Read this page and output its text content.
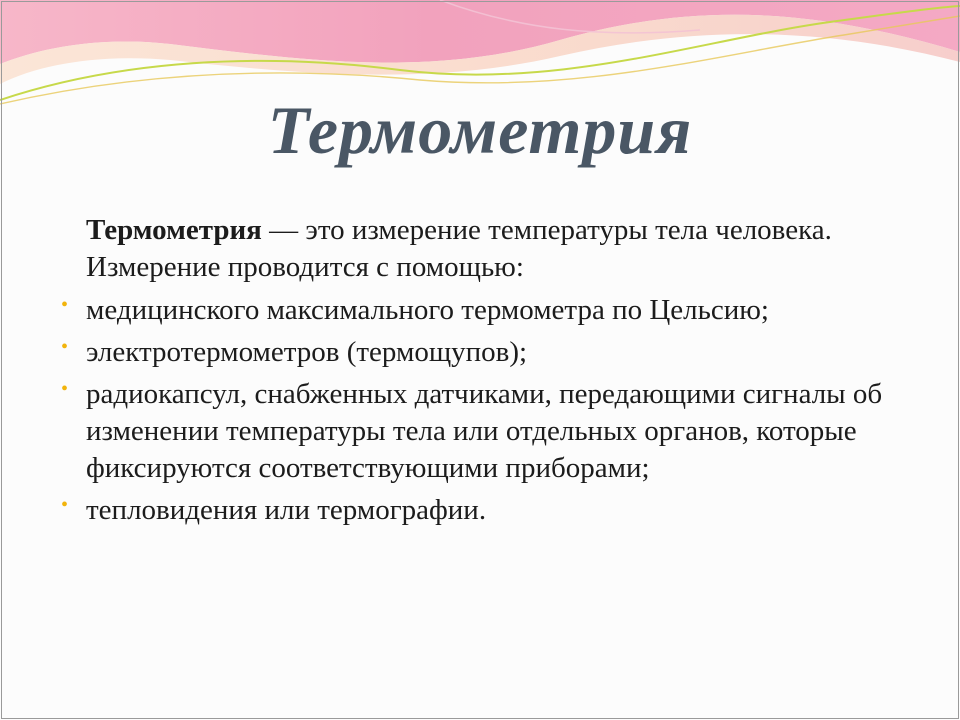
Термометрия

Термометрия — это измерение температуры тела человека. Измерение проводится с помощью:

• медицинского максимального термометра по Цельсию;
• электротермометров (термощупов);
• радиокапсул, снабженных датчиками, передающими сигналы об изменении температуры тела или отдельных органов, которые фиксируются соответствующими приборами;
• тепловидения или термографии.
